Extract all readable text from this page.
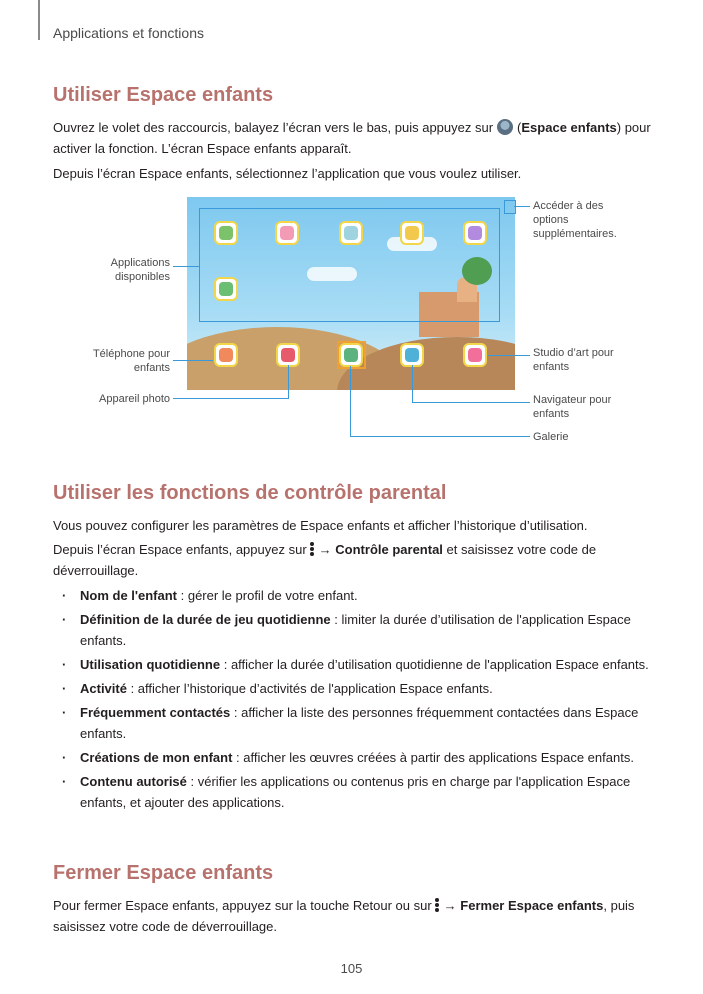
Applications et fonctions
Utiliser Espace enfants

Ouvrez le volet des raccourcis, balayez l’écran vers le bas, puis appuyez sur (Espace enfants) pour activer la fonction. L’écran Espace enfants apparaît.

Depuis l’écran Espace enfants, sélectionnez l’application que vous voulez utiliser.

Accéder à des options supplémentaires.
Applications disponibles
Téléphone pour enfants
Appareil photo
Studio d’art pour enfants
Navigateur pour enfants
Galerie
Utiliser les fonctions de contrôle parental

Vous pouvez configurer les paramètres de Espace enfants et afficher l’historique d’utilisation.

Depuis l’écran Espace enfants, appuyez sur → Contrôle parental et saisissez votre code de déverrouillage.

· Nom de l'enfant : gérer le profil de votre enfant.
· Définition de la durée de jeu quotidienne : limiter la durée d’utilisation de l'application Espace enfants.
· Utilisation quotidienne : afficher la durée d’utilisation quotidienne de l'application Espace enfants.
· Activité : afficher l’historique d’activités de l'application Espace enfants.
· Fréquemment contactés : afficher la liste des personnes fréquemment contactées dans Espace enfants.
· Créations de mon enfant : afficher les œuvres créées à partir des applications Espace enfants.
· Contenu autorisé : vérifier les applications ou contenus pris en charge par l'application Espace enfants, et ajouter des applications.
Fermer Espace enfants

Pour fermer Espace enfants, appuyez sur la touche Retour ou sur → Fermer Espace enfants, puis saisissez votre code de déverrouillage.

105
